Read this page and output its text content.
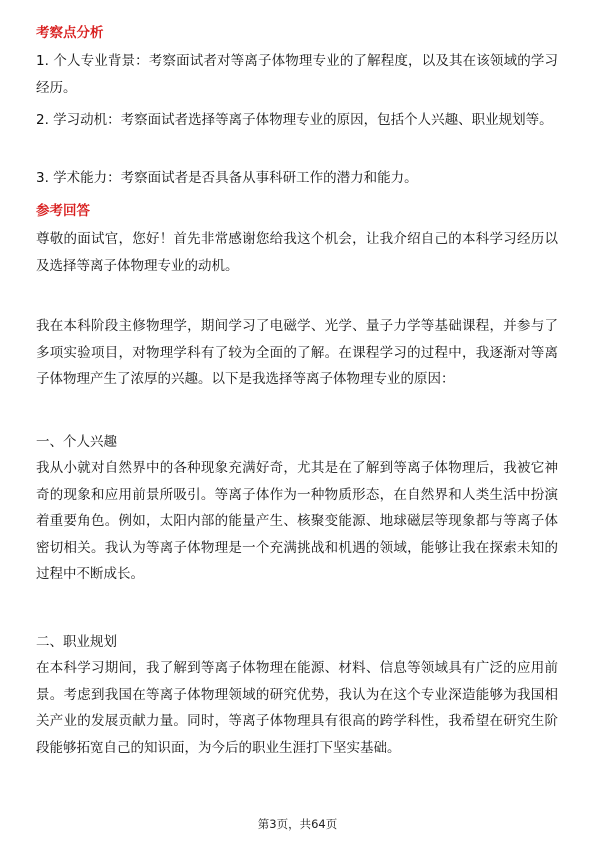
考察点分析
1. 个人专业背景：考察面试者对等离子体物理专业的了解程度，以及其在该领域的学习经历。
2. 学习动机：考察面试者选择等离子体物理专业的原因，包括个人兴趣、职业规划等。
3. 学术能力：考察面试者是否具备从事科研工作的潜力和能力。
参考回答
尊敬的面试官，您好！首先非常感谢您给我这个机会，让我介绍自己的本科学习经历以及选择等离子体物理专业的动机。
我在本科阶段主修物理学，期间学习了电磁学、光学、量子力学等基础课程，并参与了多项实验项目，对物理学科有了较为全面的了解。在课程学习的过程中，我逐渐对等离子体物理产生了浓厚的兴趣。以下是我选择等离子体物理专业的原因：
一、个人兴趣
我从小就对自然界中的各种现象充满好奇，尤其是在了解到等离子体物理后，我被它神奇的现象和应用前景所吸引。等离子体作为一种物质形态，在自然界和人类生活中扮演着重要角色。例如，太阳内部的能量产生、核聚变能源、地球磁层等现象都与等离子体密切相关。我认为等离子体物理是一个充满挑战和机遇的领域，能够让我在探索未知的过程中不断成长。
二、职业规划
在本科学习期间，我了解到等离子体物理在能源、材料、信息等领域具有广泛的应用前景。考虑到我国在等离子体物理领域的研究优势，我认为在这个专业深造能够为我国相关产业的发展贡献力量。同时，等离子体物理具有很高的跨学科性，我希望在研究生阶段能够拓宽自己的知识面，为今后的职业生涯打下坚实基础。
第3页，共64页
